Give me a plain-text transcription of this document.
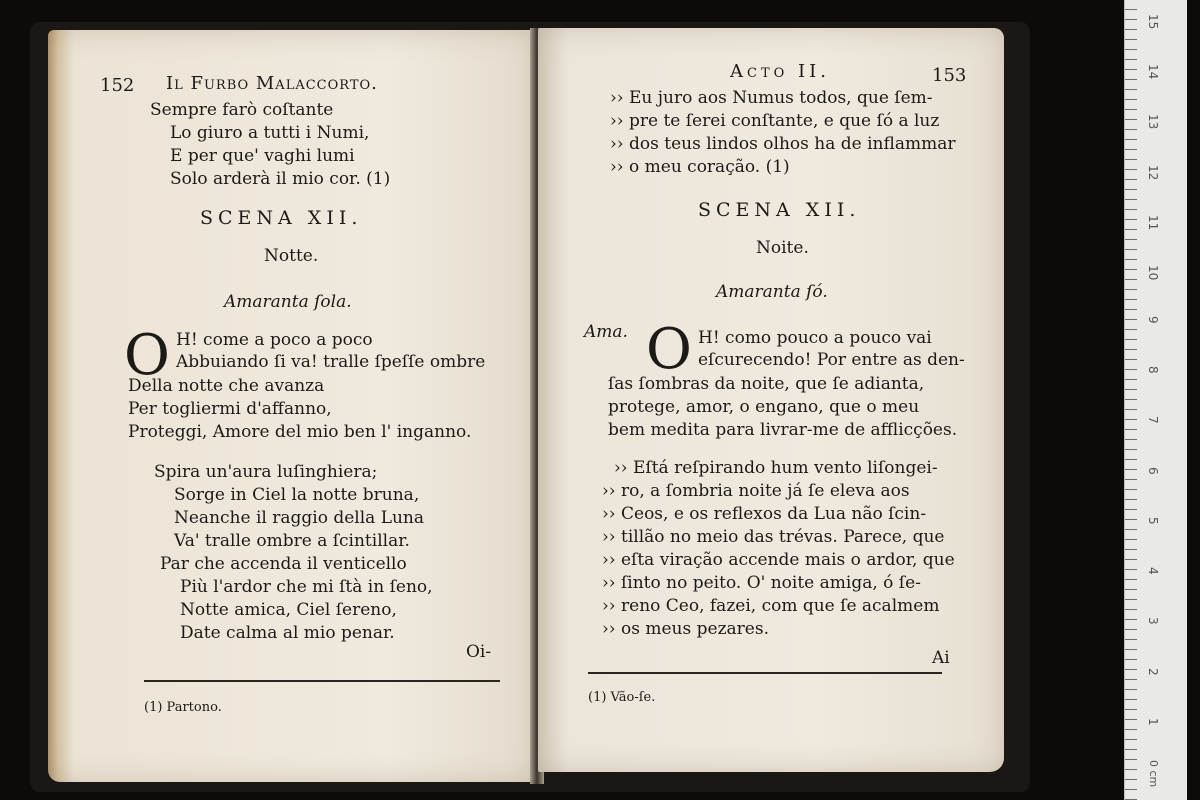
152 Il Furbo Malaccorto.
Sempre farò coſtante
Lo giuro a tutti i Numi,
E per que' vaghi lumi
Solo arderà il mio cor. (1)
SCENA XII.
Notte.
Amaranta ſola.
O H! come a poco a poco
Abbuiando ſi va! tralle ſpeſſe ombre
Della notte che avanza
Per togliermi d'affanno,
Proteggi, Amore del mio ben l' inganno.
Spira un'aura luſinghiera;
Sorge in Ciel la notte bruna,
Neanche il raggio della Luna
Va' tralle ombre a ſcintillar.
Par che accenda il venticello
Più l'ardor che mi ſtà in ſeno,
Notte amica, Ciel ſereno,
Date calma al mio penar.
Oi-
(1) Partono.
Acto II.	153
›› Eu juro aos Numus todos, que ſem-
›› pre te ſerei conſtante, e que ſó a luz
›› dos teus lindos olhos ha de inflammar
›› o meu coração. (1)
SCENA XII.
Noite.
Amaranta ſó.
Ama. O H! como pouco a pouco vai
eſcurecendo! Por entre as den-
ſas ſombras da noite, que ſe adianta,
protege, amor, o engano, que o meu
bem medita para livrar-me de afflicções.
›› Eſtá reſpirando hum vento liſongei-
›› ro, a ſombria noite já ſe eleva aos
›› Ceos, e os reflexos da Lua não ſcin-
›› tillão no meio das trévas. Parece, que
›› eſta viração accende mais o ardor, que
›› ſinto no peito. O' noite amiga, ó ſe-
›› reno Ceo, fazei, com que ſe acalmem
›› os meus pezares.
Ai
(1) Vão-ſe.
0 cm
1
2
3
4
5
6
7
8
9
10
11
12
13
14
15
